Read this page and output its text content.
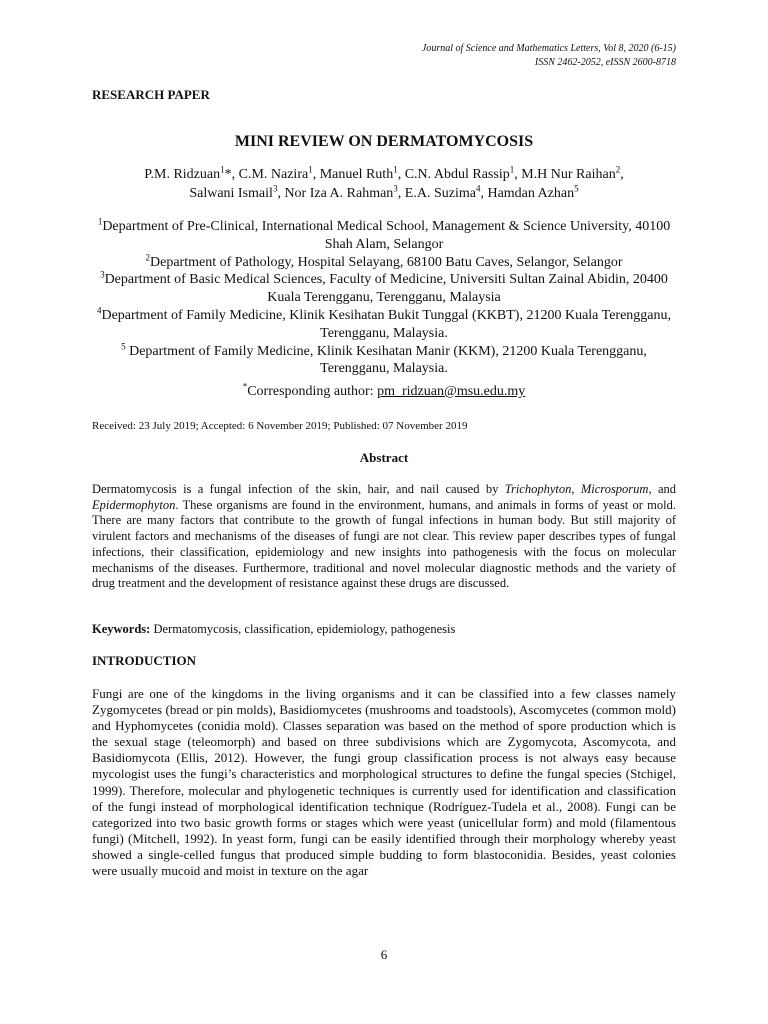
Journal of Science and Mathematics Letters, Vol 8, 2020 (6-15)
ISSN 2462-2052, eISSN 2600-8718
RESEARCH PAPER
MINI REVIEW ON DERMATOMYCOSIS
P.M. Ridzuan$^1$*, C.M. Nazira$^1$, Manuel Ruth$^1$, C.N. Abdul Rassip$^1$, M.H Nur Raihan$^2$,
Salwani Ismail$^3$, Nor Iza A. Rahman$^3$, E.A. Suzima$^4$, Hamdan Azhan$^5$
$^1$Department of Pre-Clinical, International Medical School, Management & Science University, 40100 Shah Alam, Selangor
$^2$Department of Pathology, Hospital Selayang, 68100 Batu Caves, Selangor, Selangor
$^3$Department of Basic Medical Sciences, Faculty of Medicine, Universiti Sultan Zainal Abidin, 20400 Kuala Terengganu, Terengganu, Malaysia
$^4$Department of Family Medicine, Klinik Kesihatan Bukit Tunggal (KKBT), 21200 Kuala Terengganu, Terengganu, Malaysia.
$^5$ Department of Family Medicine, Klinik Kesihatan Manir (KKM), 21200 Kuala Terengganu, Terengganu, Malaysia.
*Corresponding author: pm_ridzuan@msu.edu.my
Received: 23 July 2019; Accepted: 6 November 2019; Published: 07 November 2019
Abstract
Dermatomycosis is a fungal infection of the skin, hair, and nail caused by Trichophyton, Microsporum, and Epidermophyton. These organisms are found in the environment, humans, and animals in forms of yeast or mold. There are many factors that contribute to the growth of fungal infections in human body. But still majority of virulent factors and mechanisms of the diseases of fungi are not clear. This review paper describes types of fungal infections, their classification, epidemiology and new insights into pathogenesis with the focus on molecular mechanisms of the diseases. Furthermore, traditional and novel molecular diagnostic methods and the variety of drug treatment and the development of resistance against these drugs are discussed.
Keywords: Dermatomycosis, classification, epidemiology, pathogenesis
INTRODUCTION
Fungi are one of the kingdoms in the living organisms and it can be classified into a few classes namely Zygomycetes (bread or pin molds), Basidiomycetes (mushrooms and toadstools), Ascomycetes (common mold) and Hyphomycetes (conidia mold). Classes separation was based on the method of spore production which is the sexual stage (teleomorph) and based on three subdivisions which are Zygomycota, Ascomycota, and Basidiomycota (Ellis, 2012). However, the fungi group classification process is not always easy because mycologist uses the fungi’s characteristics and morphological structures to define the fungal species (Stchigel, 1999). Therefore, molecular and phylogenetic techniques is currently used for identification and classification of the fungi instead of morphological identification technique (Rodríguez-Tudela et al., 2008). Fungi can be categorized into two basic growth forms or stages which were yeast (unicellular form) and mold (filamentous fungi) (Mitchell, 1992). In yeast form, fungi can be easily identified through their morphology whereby yeast showed a single-celled fungus that produced simple budding to form blastoconidia. Besides, yeast colonies were usually mucoid and moist in texture on the agar
6
